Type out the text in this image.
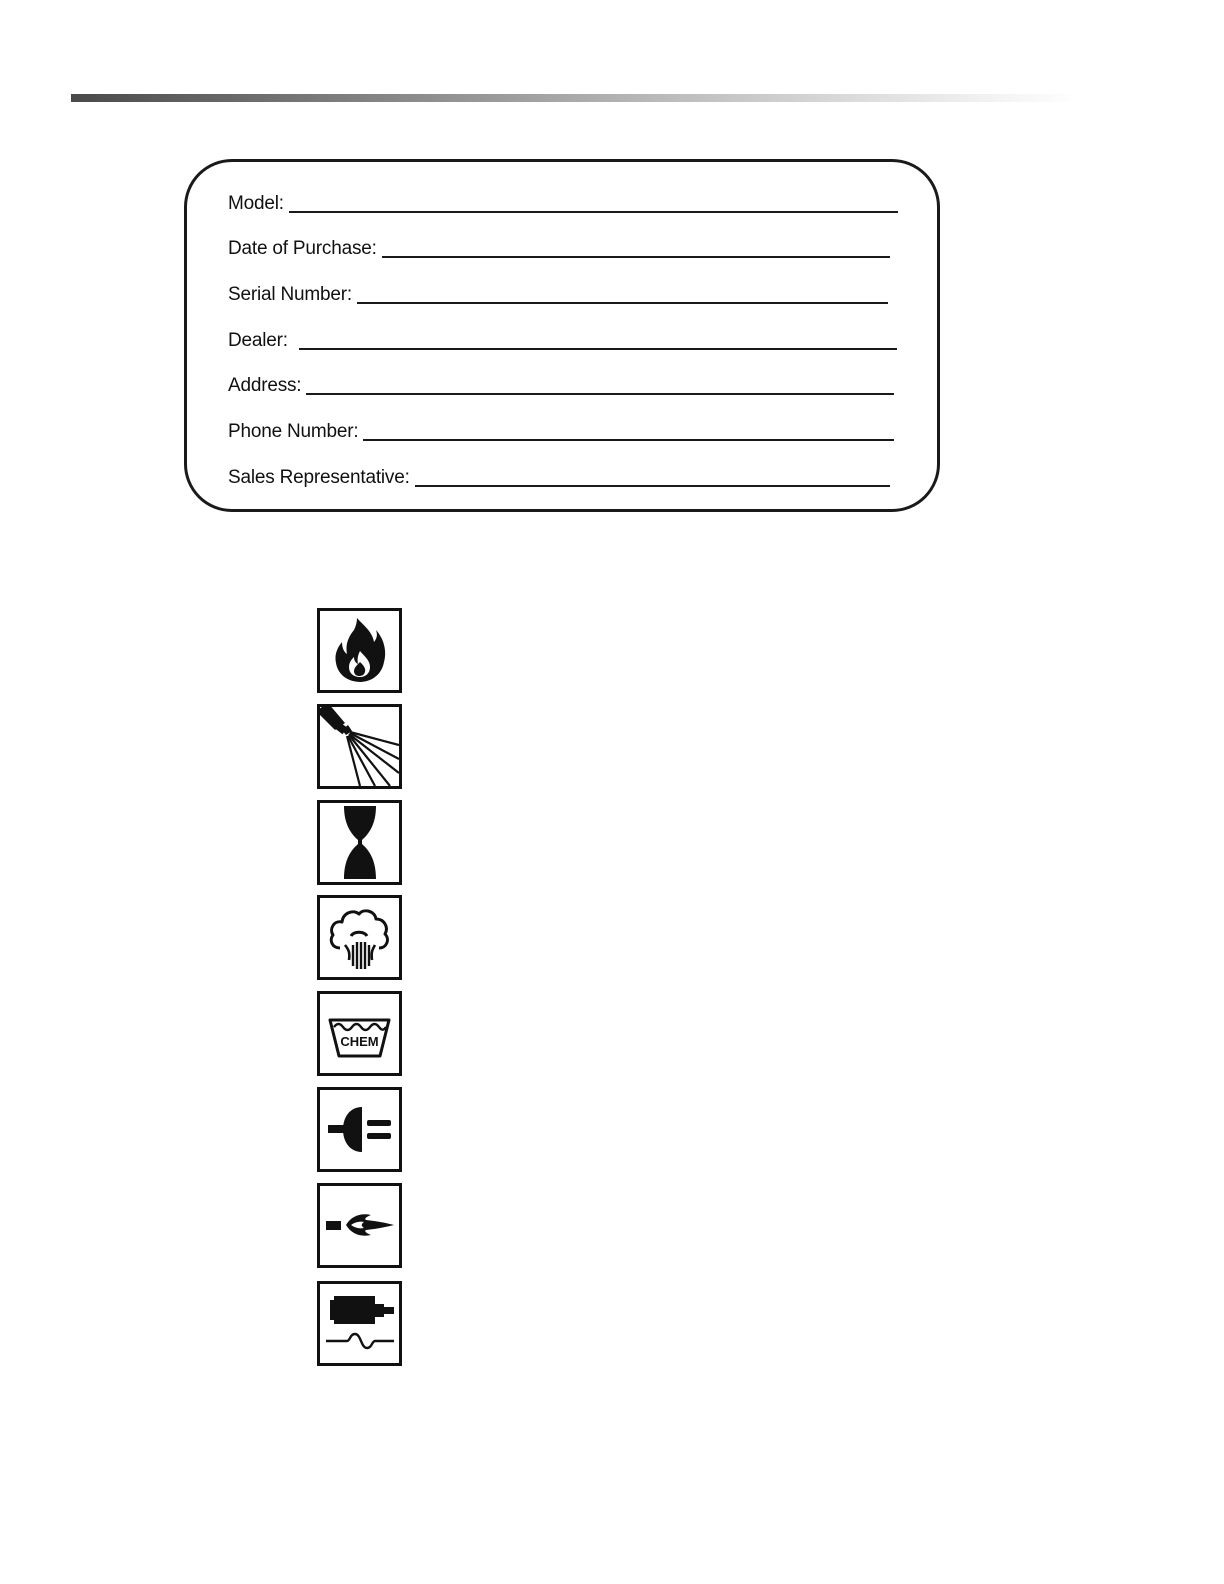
Model:
Date of Purchase:
Serial Number:
Dealer:
Address:
Phone Number:
Sales Representative:
CHEM
